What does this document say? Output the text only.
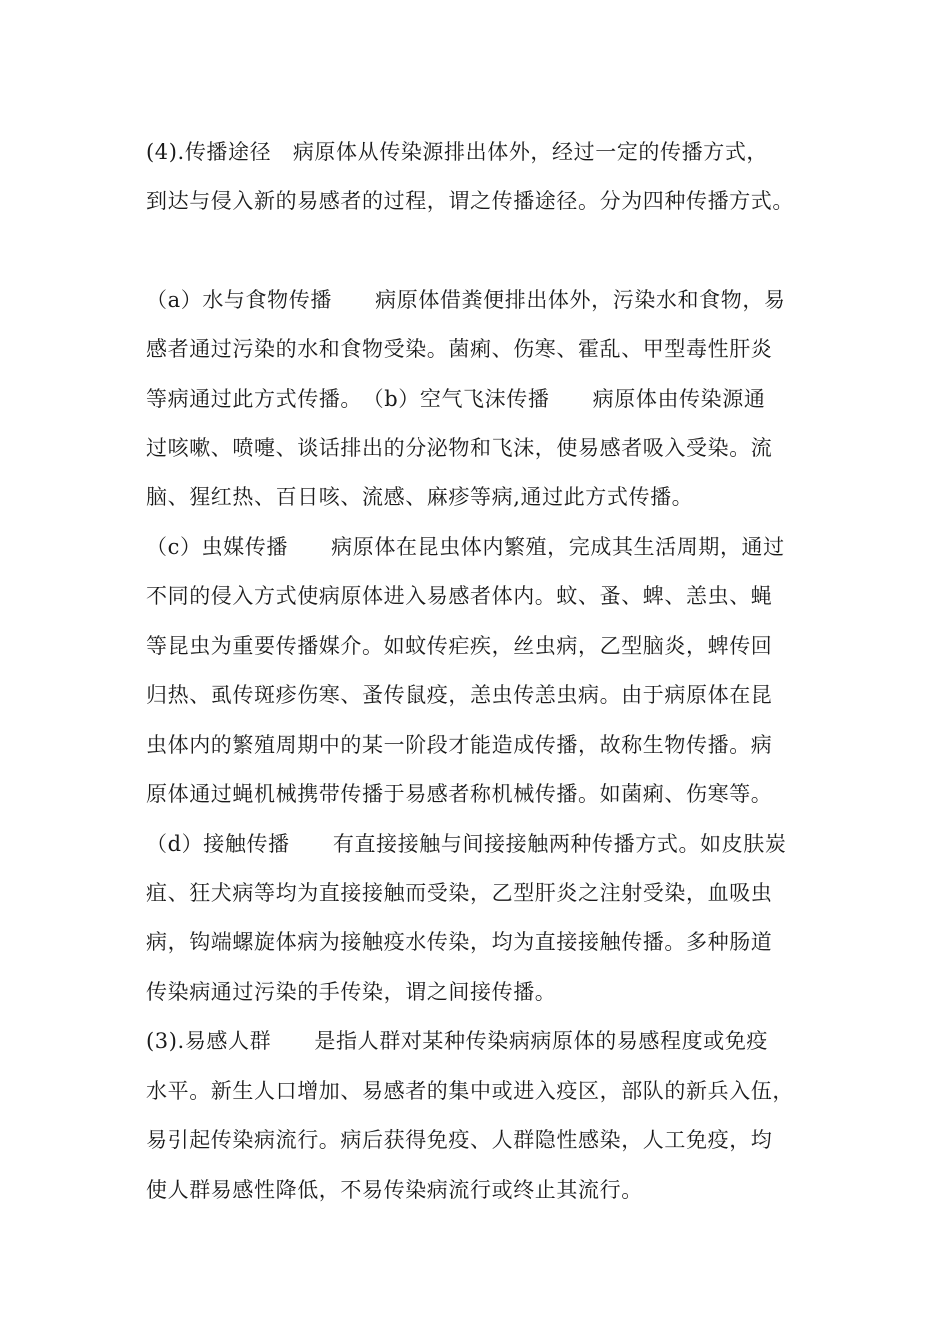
(4).传播途径　病原体从传染源排出体外，经过一定的传播方式，
到达与侵入新的易感者的过程，谓之传播途径。分为四种传播方式。
（a）水与食物传播　　病原体借粪便排出体外，污染水和食物，易
感者通过污染的水和食物受染。菌痢、伤寒、霍乱、甲型毒性肝炎
等病通过此方式传播。　（b）空气飞沫传播　　病原体由传染源通
过咳嗽、喷嚏、谈话排出的分泌物和飞沫，使易感者吸入受染。流
脑、猩红热、百日咳、流感、麻疹等病,通过此方式传播。
（c）虫媒传播　　病原体在昆虫体内繁殖，完成其生活周期，通过
不同的侵入方式使病原体进入易感者体内。蚊、蚤、蜱、恙虫、蝇
等昆虫为重要传播媒介。如蚊传疟疾，丝虫病，乙型脑炎，蜱传回
归热、虱传斑疹伤寒、蚤传鼠疫，恙虫传恙虫病。由于病原体在昆
虫体内的繁殖周期中的某一阶段才能造成传播，故称生物传播。病
原体通过蝇机械携带传播于易感者称机械传播。如菌痢、伤寒等。
（d）接触传播　　有直接接触与间接接触两种传播方式。如皮肤炭
疽、狂犬病等均为直接接触而受染，乙型肝炎之注射受染，血吸虫
病，钩端螺旋体病为接触疫水传染，均为直接接触传播。多种肠道
传染病通过污染的手传染，谓之间接传播。
(3).易感人群　　是指人群对某种传染病病原体的易感程度或免疫
水平。新生人口增加、易感者的集中或进入疫区，部队的新兵入伍，
易引起传染病流行。病后获得免疫、人群隐性感染，人工免疫，均
使人群易感性降低，不易传染病流行或终止其流行。
